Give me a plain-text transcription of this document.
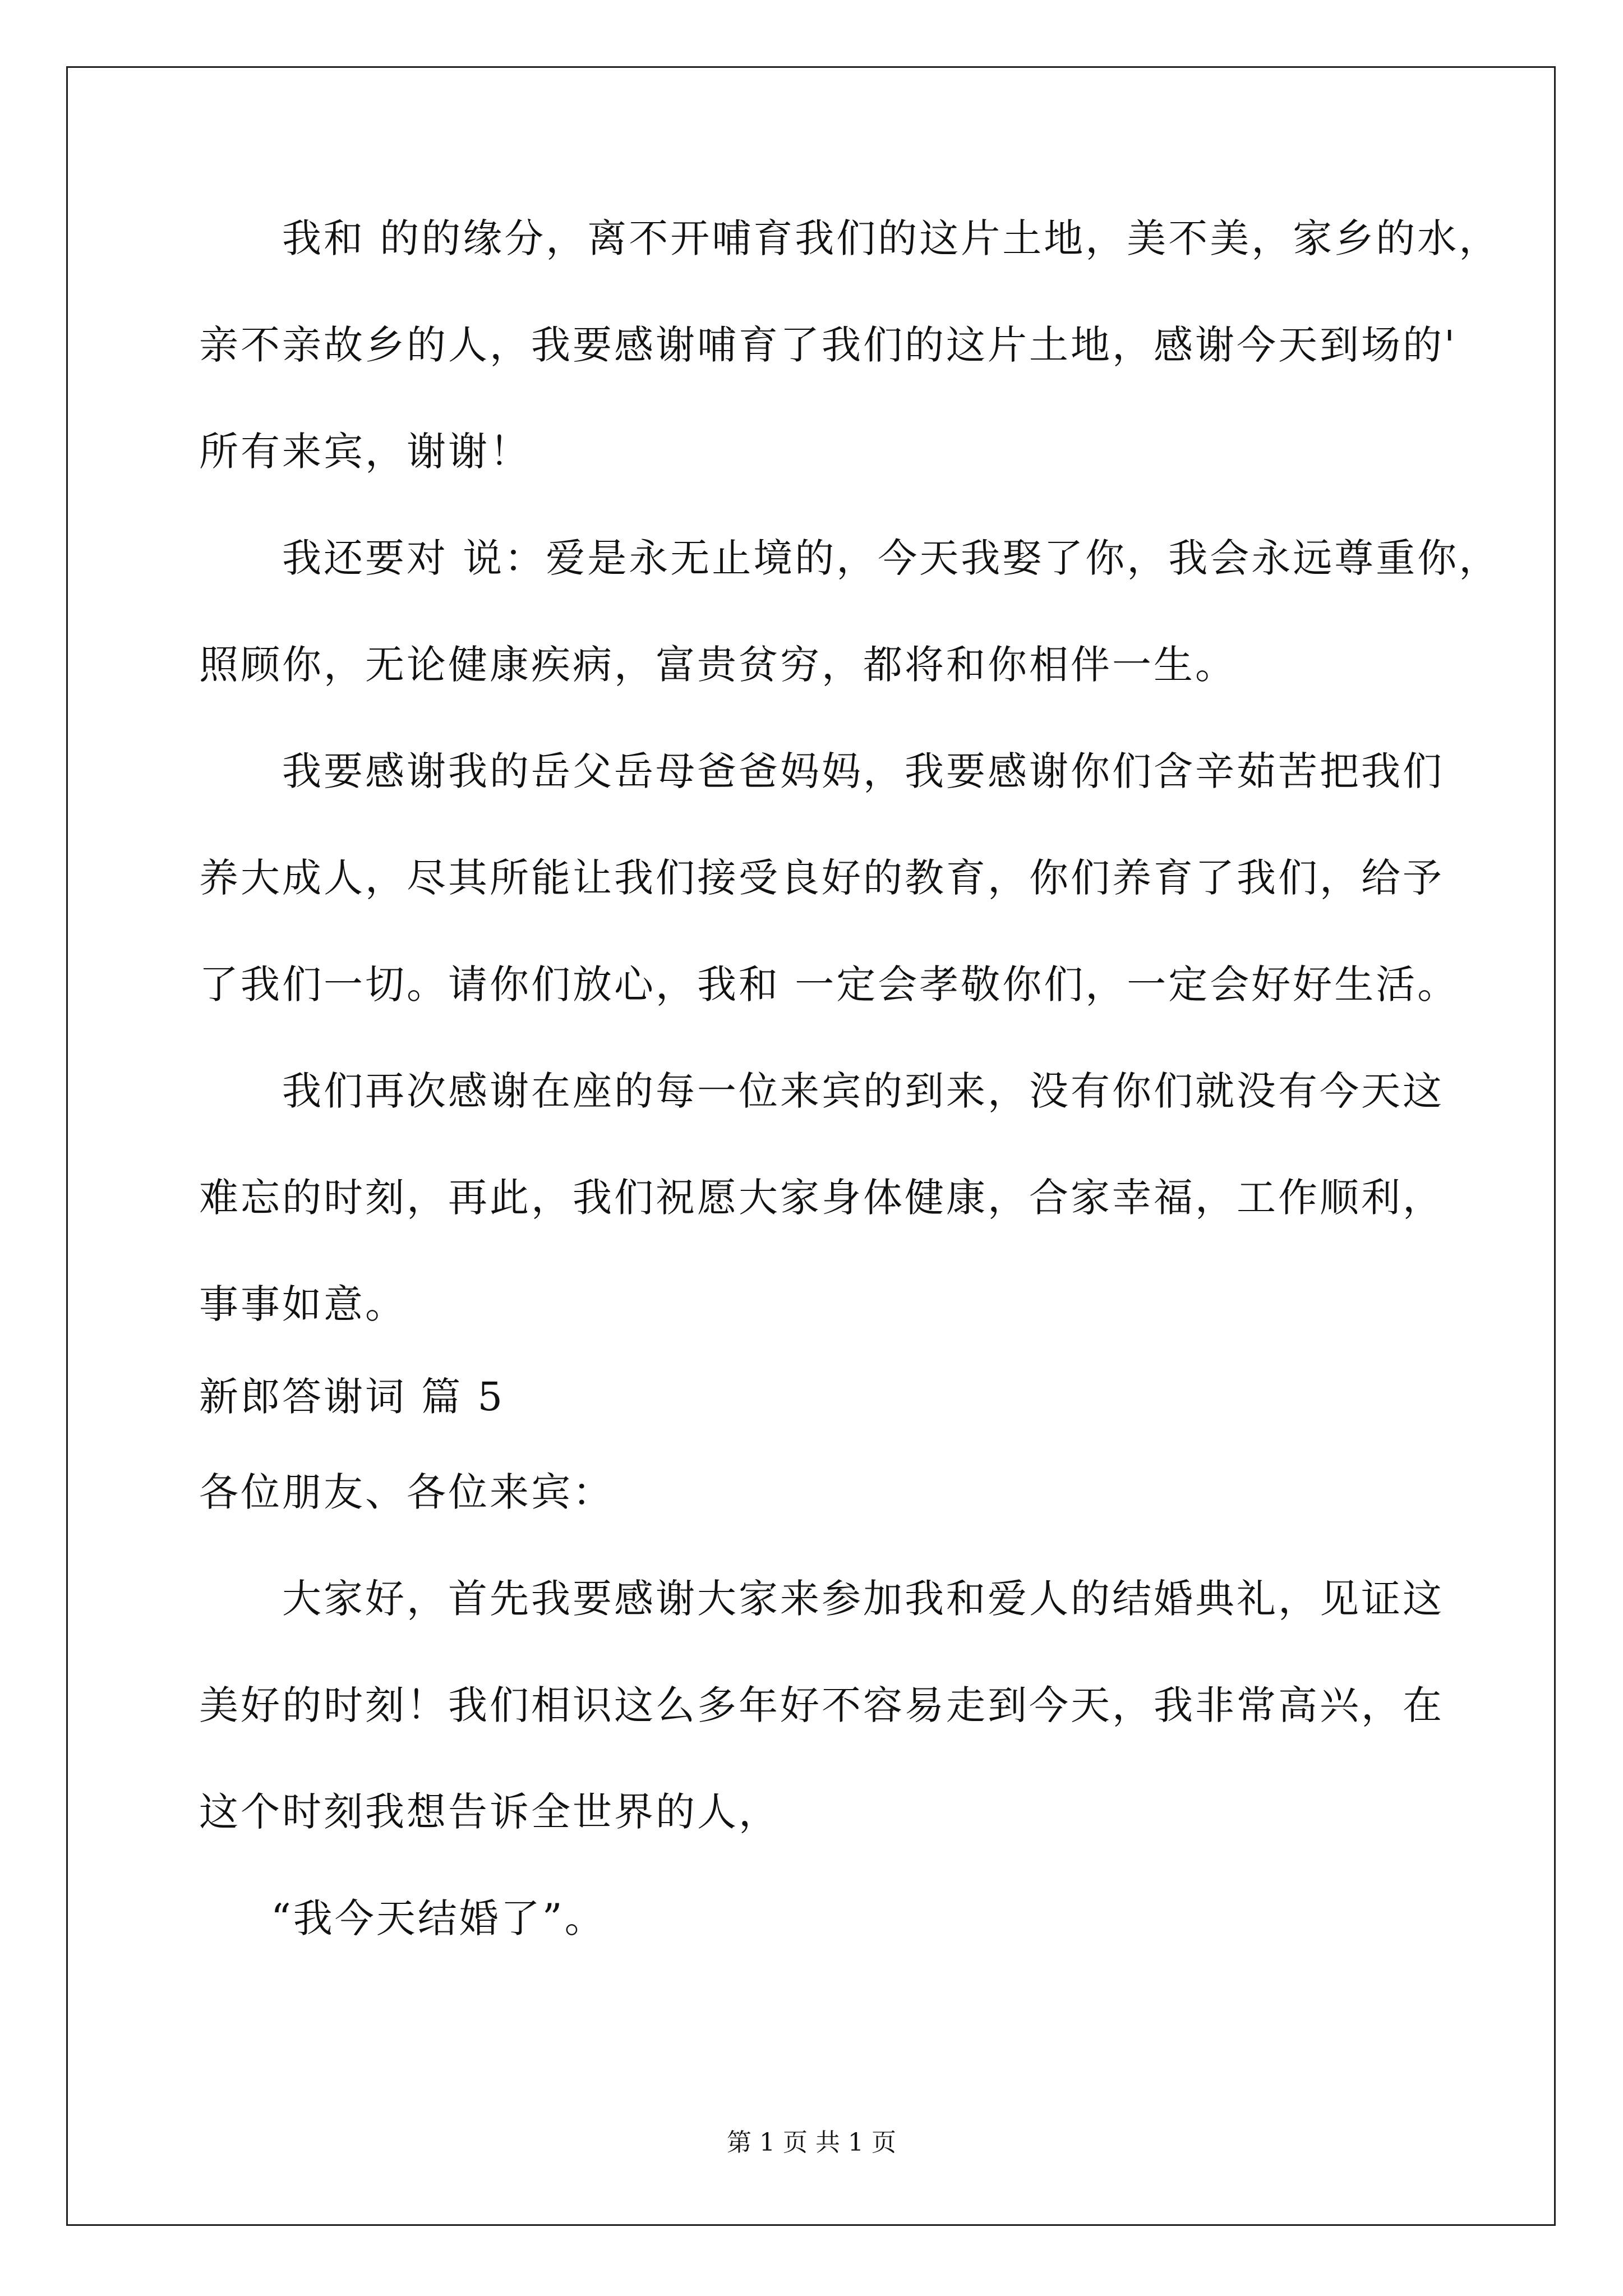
我和 的的缘分，离不开哺育我们的这片土地，美不美，家乡的水，
亲不亲故乡的人，我要感谢哺育了我们的这片土地，感谢今天到场的'
所有来宾，谢谢！
我还要对 说：爱是永无止境的，今天我娶了你，我会永远尊重你，
照顾你，无论健康疾病，富贵贫穷，都将和你相伴一生。
我要感谢我的岳父岳母爸爸妈妈，我要感谢你们含辛茹苦把我们
养大成人，尽其所能让我们接受良好的教育，你们养育了我们，给予
了我们一切。请你们放心，我和 一定会孝敬你们，一定会好好生活。
我们再次感谢在座的每一位来宾的到来，没有你们就没有今天这
难忘的时刻，再此，我们祝愿大家身体健康，合家幸福，工作顺利，
事事如意。
新郎答谢词 篇 5
各位朋友、各位来宾：
大家好，首先我要感谢大家来参加我和爱人的结婚典礼，见证这
美好的时刻！我们相识这么多年好不容易走到今天，我非常高兴，在
这个时刻我想告诉全世界的人，
“我今天结婚了”。
第 1 页 共 1 页
